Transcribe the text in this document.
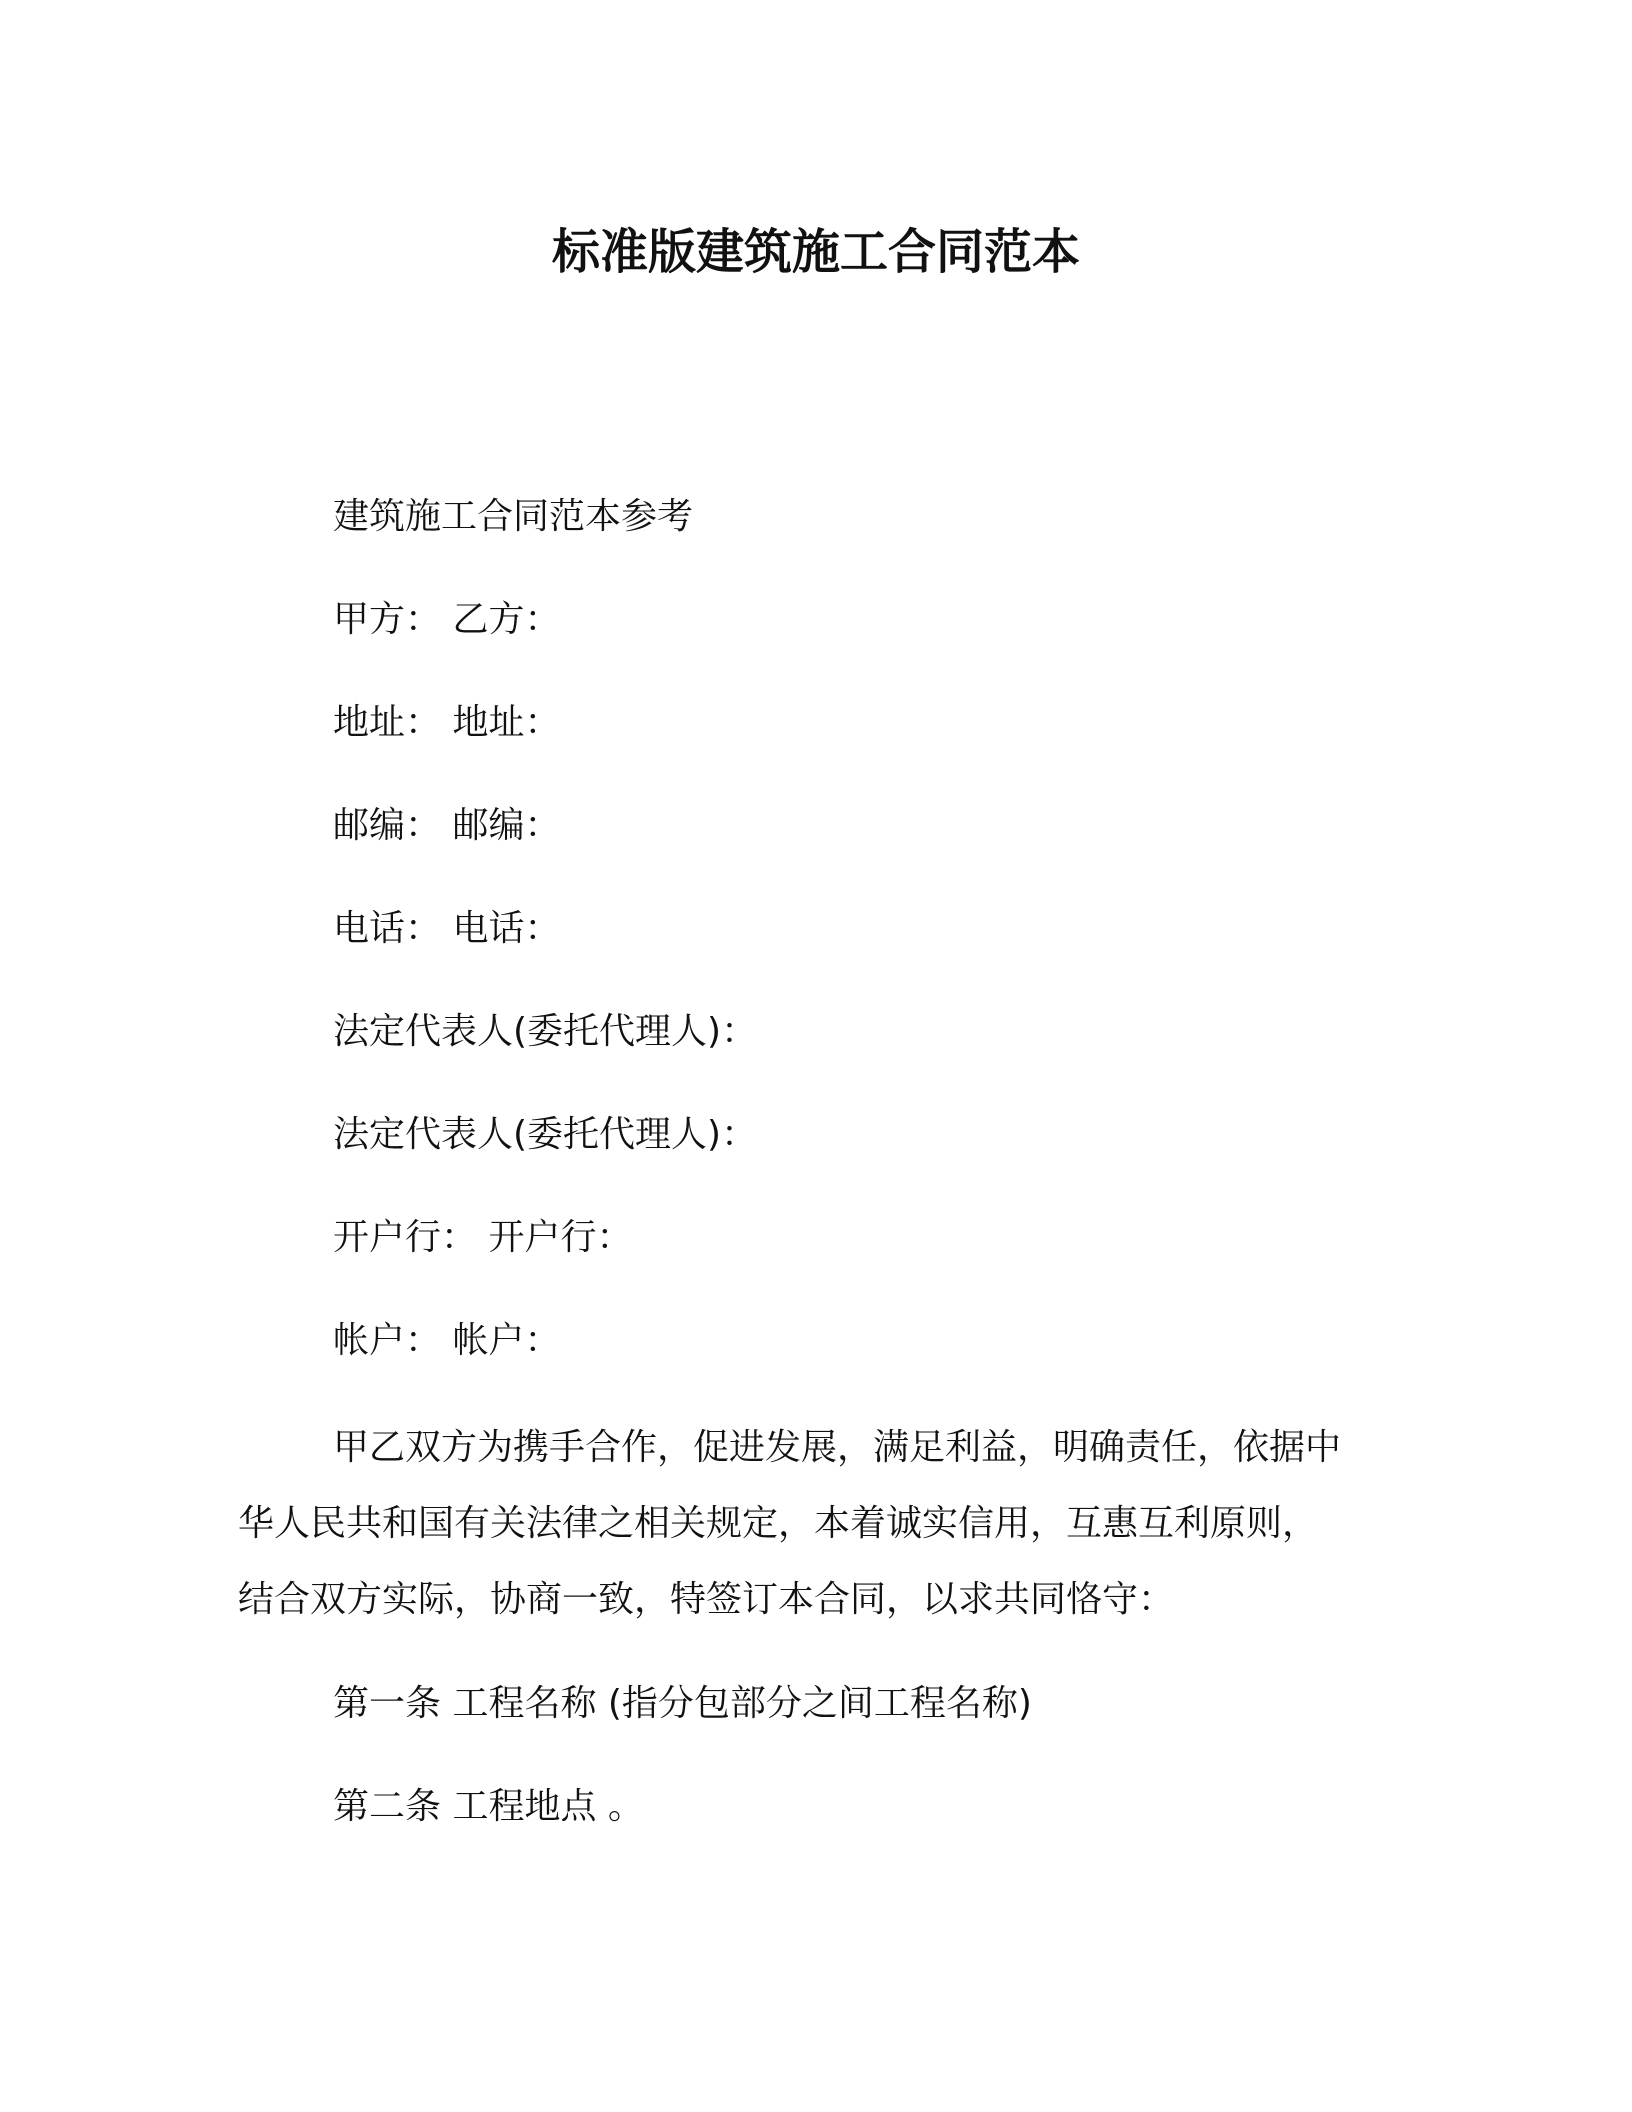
标准版建筑施工合同范本
建筑施工合同范本参考
甲方： 乙方：
地址： 地址：
邮编： 邮编：
电话： 电话：
法定代表人(委托代理人)：
法定代表人(委托代理人)：
开户行： 开户行：
帐户： 帐户：
甲乙双方为携手合作，促进发展，满足利益，明确责任，依据中
华人民共和国有关法律之相关规定，本着诚实信用，互惠互利原则，
结合双方实际，协商一致，特签订本合同，以求共同恪守：
第一条 工程名称 (指分包部分之间工程名称)
第二条 工程地点 。
